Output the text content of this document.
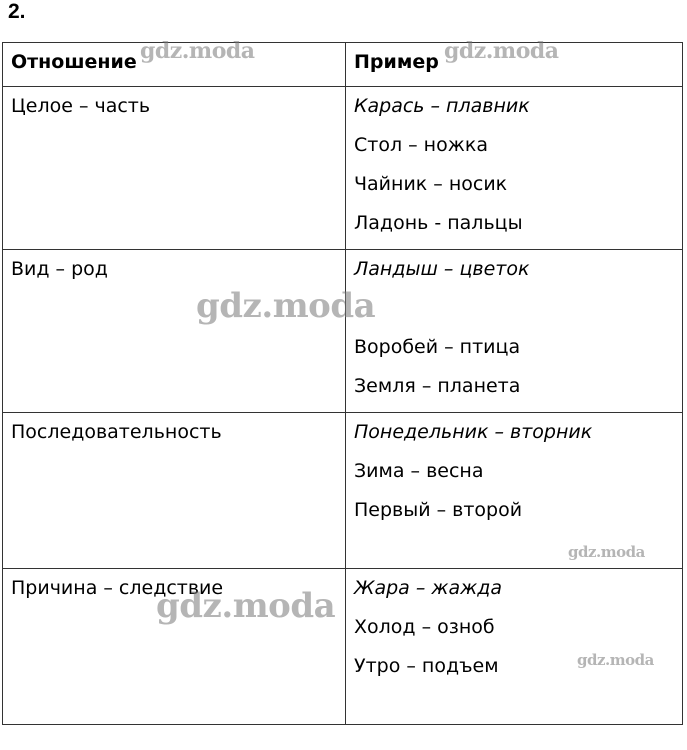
2.
Отношение	Пример

Целое – часть	Карась – плавник
Стол – ножка
Чайник – носик
Ладонь - пальцы

Вид – род	Ландыш – цветок
Воробей – птица
Земля – планета

Последовательность	Понедельник – вторник
Зима – весна
Первый – второй

Причина – следствие	Жара – жажда
Холод – озноб
Утро – подъем
gdz.moda	gdz.moda
gdz.moda
gdz.moda
gdz.moda
gdz.moda
